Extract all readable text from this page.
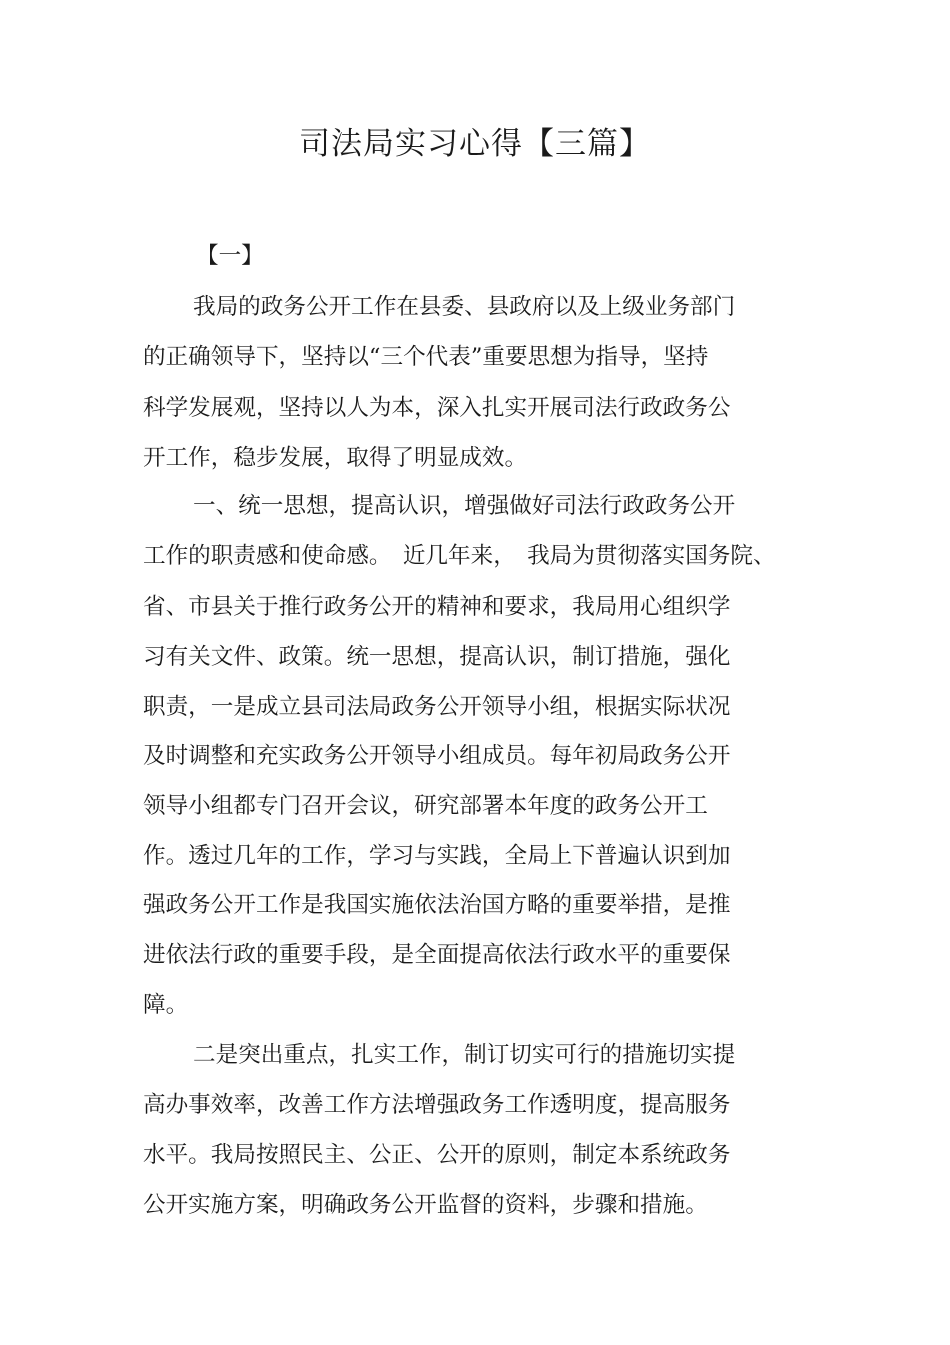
司法局实习心得【三篇】
【一】
我局的政务公开工作在县委、县政府以及上级业务部门
的正确领导下，坚持以“三个代表”重要思想为指导，坚持
科学发展观，坚持以人为本，深入扎实开展司法行政政务公
开工作，稳步发展，取得了明显成效。
一、统一思想，提高认识，增强做好司法行政政务公开
工作的职责感和使命感。　近几年来，　我局为贯彻落实国务院、
省、市县关于推行政务公开的精神和要求，我局用心组织学
习有关文件、政策。统一思想，提高认识，制订措施，强化
职责，一是成立县司法局政务公开领导小组，根据实际状况
及时调整和充实政务公开领导小组成员。每年初局政务公开
领导小组都专门召开会议，研究部署本年度的政务公开工
作。透过几年的工作，学习与实践，全局上下普遍认识到加
强政务公开工作是我国实施依法治国方略的重要举措，是推
进依法行政的重要手段，是全面提高依法行政水平的重要保
障。
二是突出重点，扎实工作，制订切实可行的措施切实提
高办事效率，改善工作方法增强政务工作透明度，提高服务
水平。我局按照民主、公正、公开的原则，制定本系统政务
公开实施方案，明确政务公开监督的资料，步骤和措施。
